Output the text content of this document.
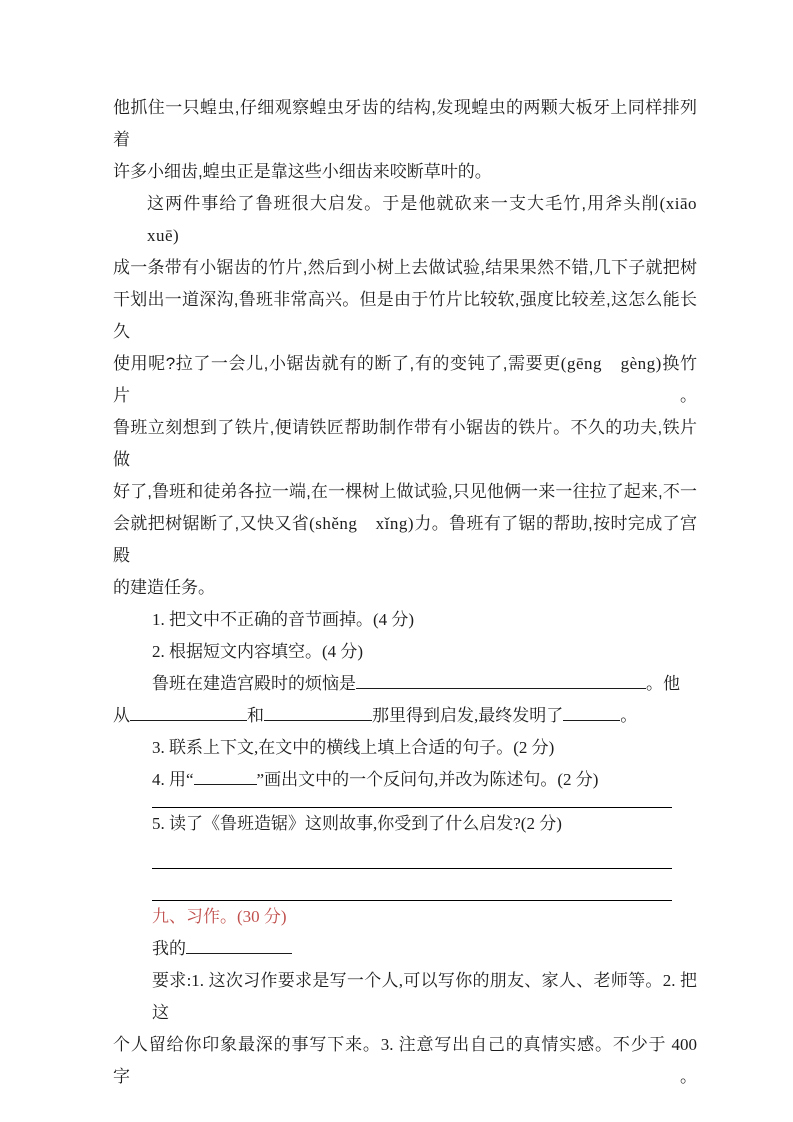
他抓住一只蝗虫,仔细观察蝗虫牙齿的结构,发现蝗虫的两颗大板牙上同样排列着
许多小细齿,蝗虫正是靠这些小细齿来咬断草叶的。
这两件事给了鲁班很大启发。于是他就砍来一支大毛竹,用斧头削(xiāo　xuē)
成一条带有小锯齿的竹片,然后到小树上去做试验,结果果然不错,几下子就把树
干划出一道深沟,鲁班非常高兴。但是由于竹片比较软,强度比较差,这怎么能长久
使用呢?拉了一会儿,小锯齿就有的断了,有的变钝了,需要更(gēng　gèng)换竹片。
鲁班立刻想到了铁片,便请铁匠帮助制作带有小锯齿的铁片。不久的功夫,铁片做
好了,鲁班和徒弟各拉一端,在一棵树上做试验,只见他俩一来一往拉了起来,不一
会就把树锯断了,又快又省(shěng　xǐng)力。鲁班有了锯的帮助,按时完成了宫殿
的建造任务。
1. 把文中不正确的音节画掉。(4 分)
2. 根据短文内容填空。(4 分)
鲁班在建造宫殿时的烦恼是	。他
从	和	那里得到启发,最终发明了	。
3. 联系上下文,在文中的横线上填上合适的句子。(2 分)
4. 用“	”画出文中的一个反问句,并改为陈述句。(2 分)
5. 读了《鲁班造锯》这则故事,你受到了什么启发?(2 分)
九、习作。(30 分)
我的
要求:1. 这次习作要求是写一个人,可以写你的朋友、家人、老师等。2. 把这
个人留给你印象最深的事写下来。3. 注意写出自己的真情实感。不少于 400 字。
